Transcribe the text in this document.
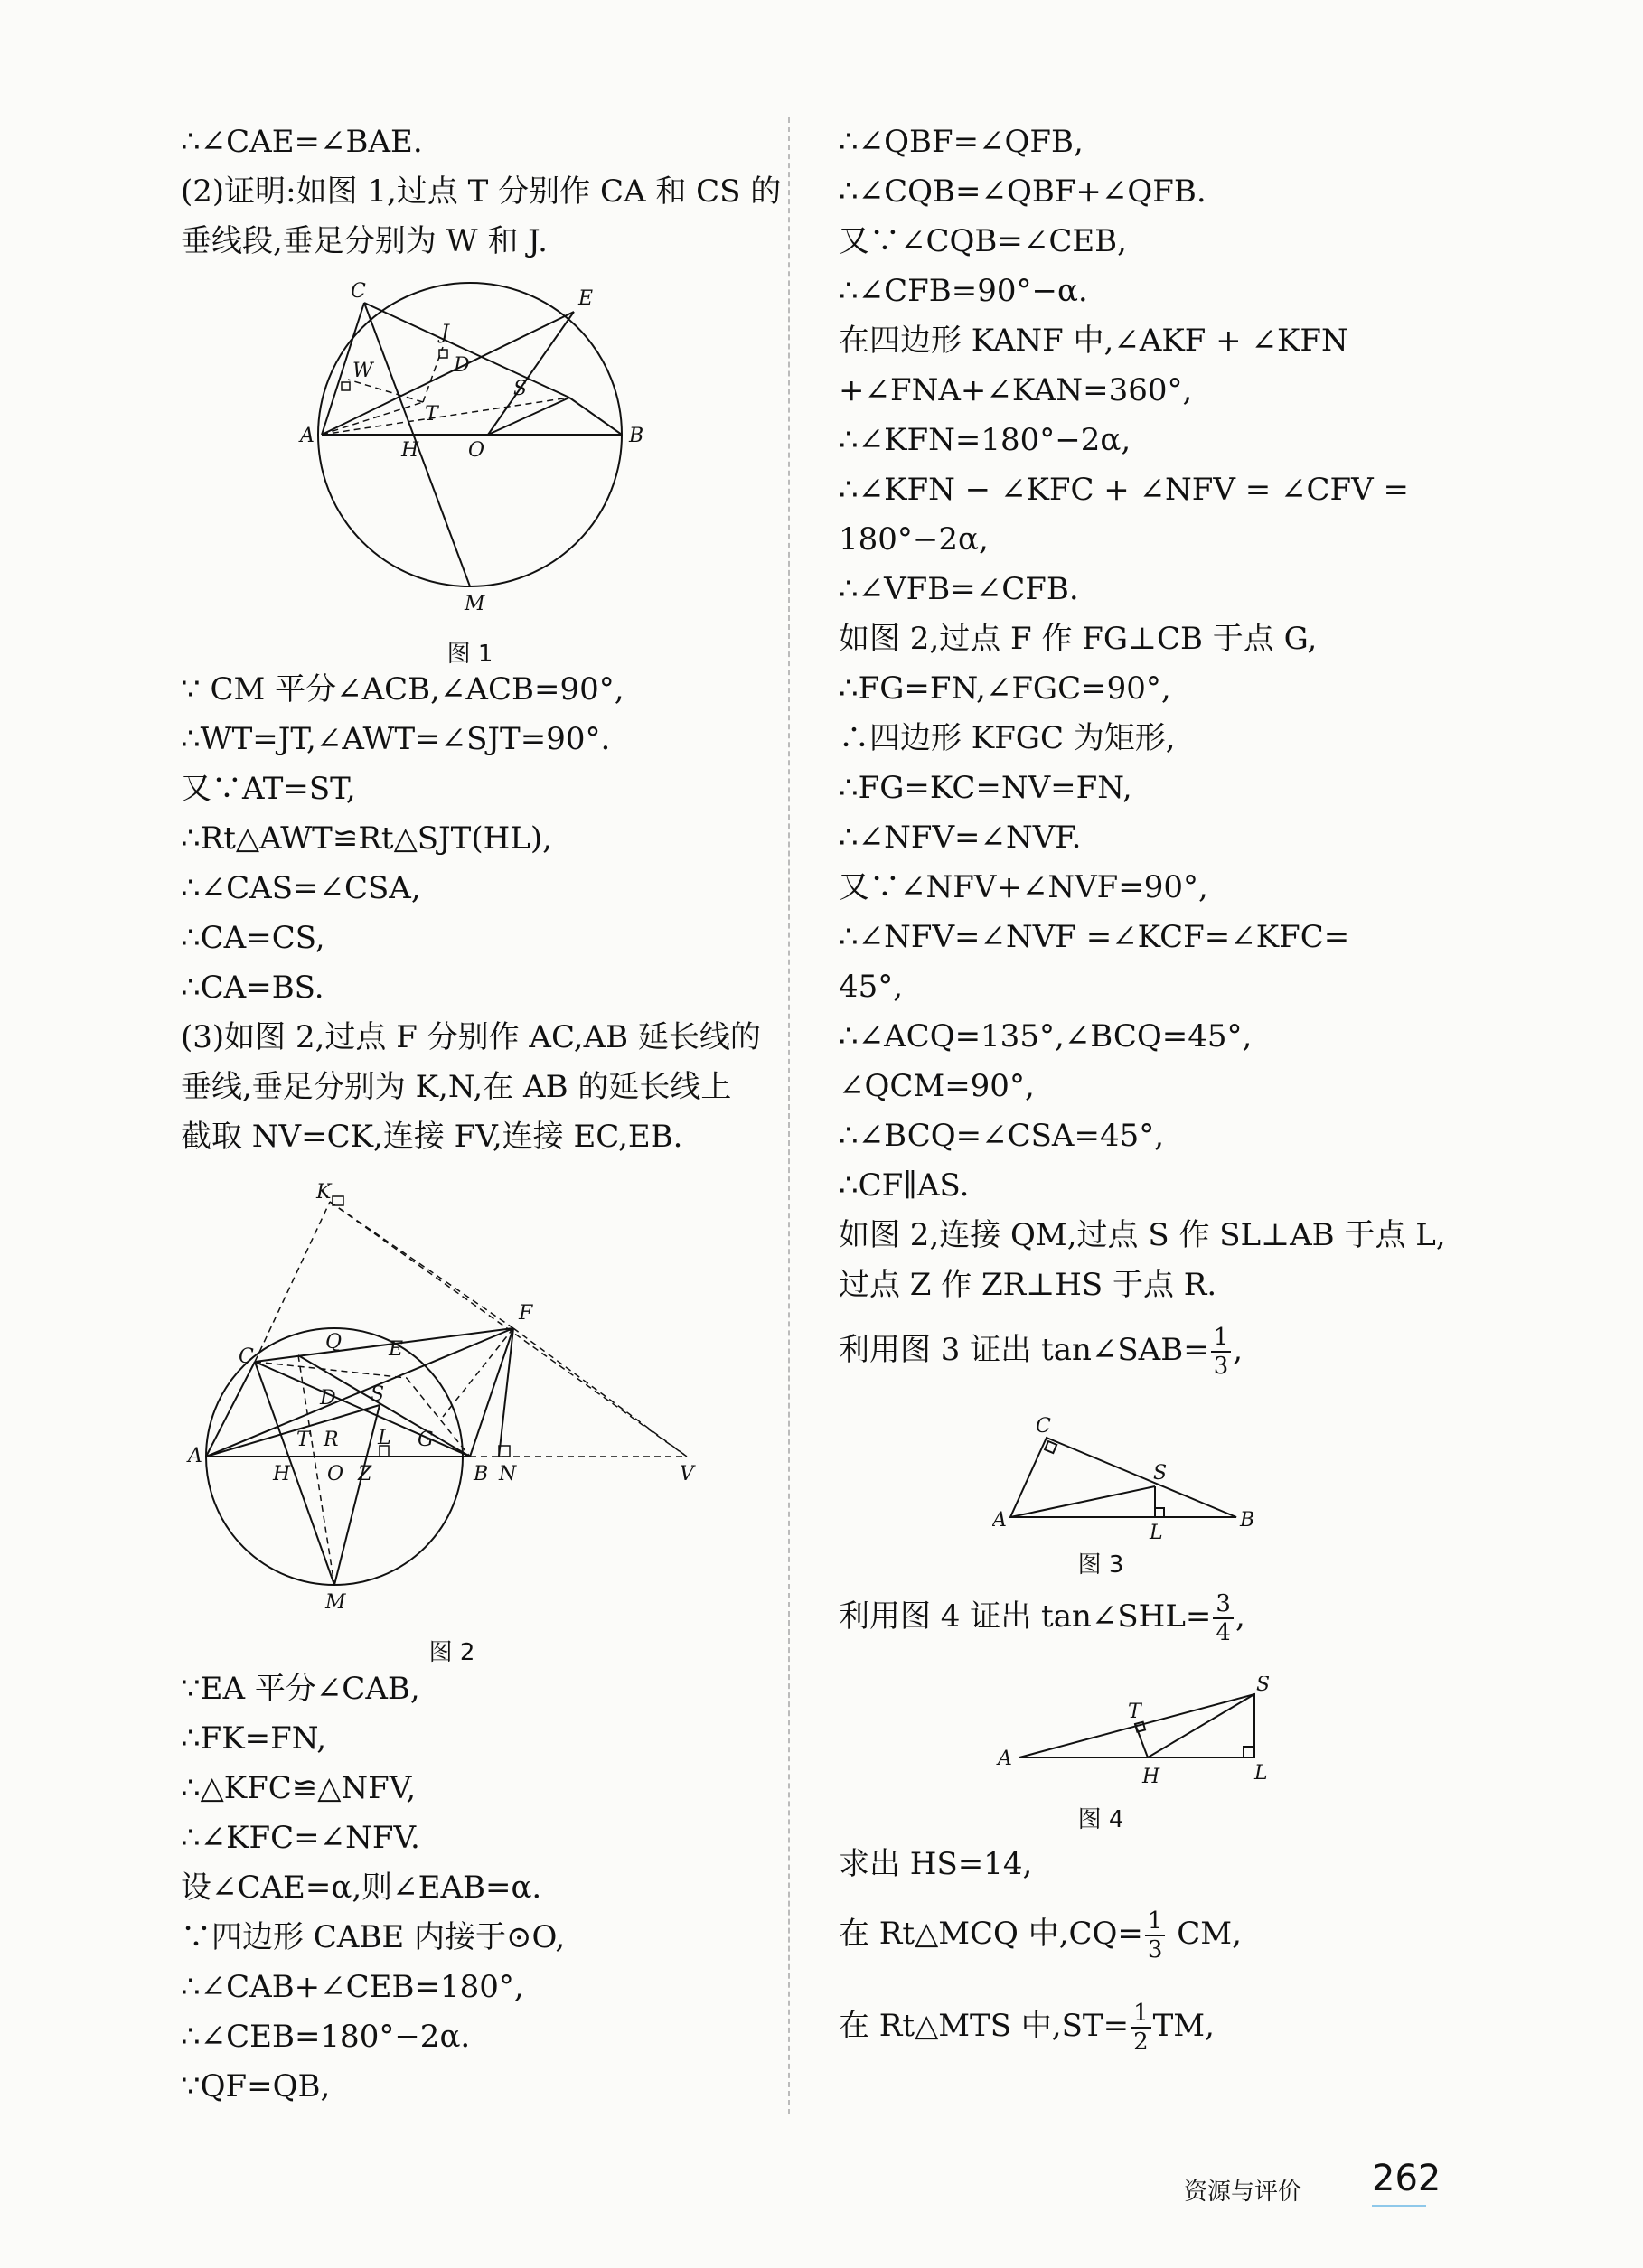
∴∠CAE=∠BAE.
(2)证明:如图 1,过点 T 分别作 CA 和 CS 的
垂线段,垂足分别为 W 和 J.
C	E
J
W	D
S
T
A
H O
B
M
图 1
∵ CM 平分∠ACB,∠ACB=90°,
∴WT=JT,∠AWT=∠SJT=90°.
又∵AT=ST,
∴Rt△AWT≌Rt△SJT(HL),
∴∠CAS=∠CSA,
∴CA=CS,
∴CA=BS.
(3)如图 2,过点 F 分别作 AC,AB 延长线的
垂线,垂足分别为 K,N,在 AB 的延长线上
截取 NV=CK,连接 FV,连接 EC,EB.
K
F
Q
C	E
D S
T R L G
A
H O Z	B N	V
M
图 2
∵EA 平分∠CAB,
∴FK=FN,
∴△KFC≌△NFV,
∴∠KFC=∠NFV.
设∠CAE=α,则∠EAB=α.
∵四边形 CABE 内接于⊙O,
∴∠CAB+∠CEB=180°,
∴∠CEB=180°−2α.
∵QF=QB,
∴∠QBF=∠QFB,
∴∠CQB=∠QBF+∠QFB.
又∵∠CQB=∠CEB,
∴∠CFB=90°−α.
在四边形 KANF 中,∠AKF + ∠KFN
+∠FNA+∠KAN=360°,
∴∠KFN=180°−2α,
∴∠KFN − ∠KFC + ∠NFV = ∠CFV =
180°−2α,
∴∠VFB=∠CFB.
如图 2,过点 F 作 FG⊥CB 于点 G,
∴FG=FN,∠FGC=90°,
∴四边形 KFGC 为矩形,
∴FG=KC=NV=FN,
∴∠NFV=∠NVF.
又∵∠NFV+∠NVF=90°,
∴∠NFV=∠NVF =∠KCF=∠KFC=
45°,
∴∠ACQ=135°,∠BCQ=45°,
∠QCM=90°,
∴∠BCQ=∠CSA=45°,
∴CF∥AS.
如图 2,连接 QM,过点 S 作 SL⊥AB 于点 L,
过点 Z 作 ZR⊥HS 于点 R.
利用图 3 证出 tan∠SAB= $\frac{1}{3}$ ,
C
S
A
L
B
图 3
利用图 4 证出 tan∠SHL= $\frac{3}{4}$ ,
S
T
A
H	L
图 4
求出 HS=14,
在 Rt△MCQ 中$,CQ= \frac{1}{3}$ CM,
在 Rt△MTS 中$,ST= \frac{1}{2}$ TM,
资源与评价 262
